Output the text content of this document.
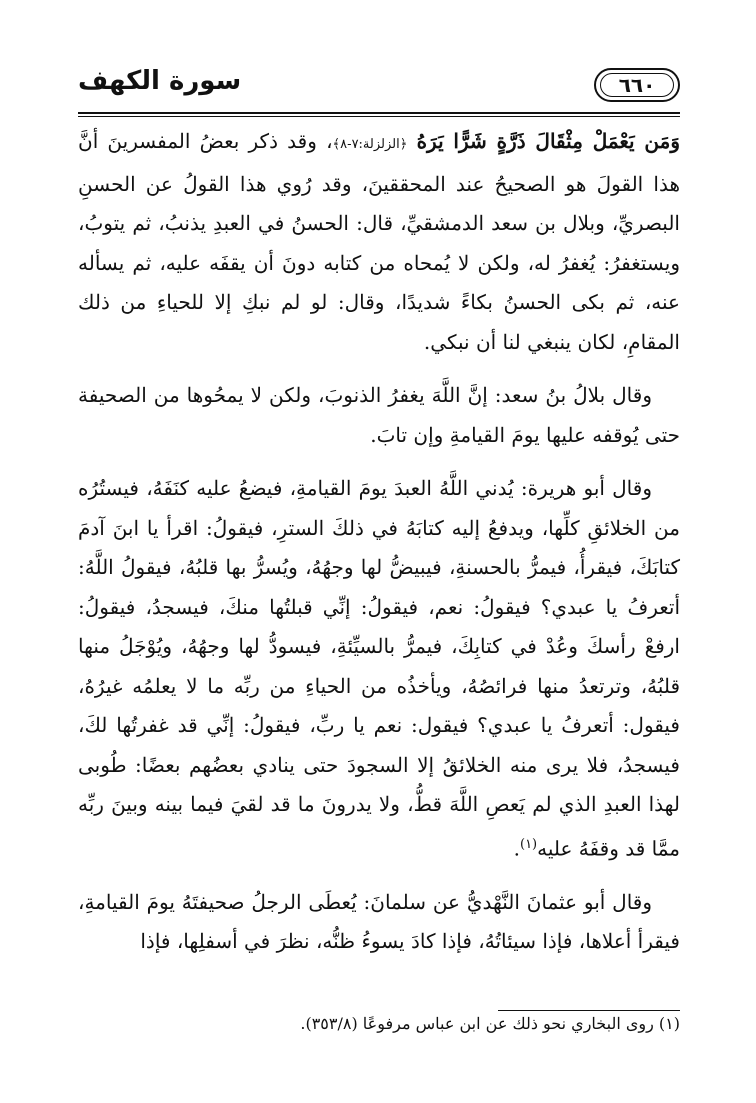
سورة الكهف	٦٦٠

وَمَن يَعْمَلْ مِثْقَالَ ذَرَّةٍ شَرًّا يَرَهُ ﴿الزلزلة:٧-٨﴾، وقد ذكر بعضُ المفسرينَ أنَّ هذا القولَ هو الصحيحُ عند المحققينَ، وقد رُوي هذا القولُ عن الحسنِ البصريِّ، وبلال بن سعد الدمشقيِّ، قال: الحسنُ في العبدِ يذنبُ، ثم يتوبُ، ويستغفرُ: يُغفرُ له، ولكن لا يُمحاه من كتابه دونَ أن يقفَه عليه، ثم يسأله عنه، ثم بكى الحسنُ بكاءً شديدًا، وقال: لو لم نبكِ إلا للحياءِ من ذلك المقامِ، لكان ينبغي لنا أن نبكي.

وقال بلالُ بنُ سعد: إنَّ اللَّهَ يغفرُ الذنوبَ، ولكن لا يمحُوها من الصحيفة حتى يُوقفه عليها يومَ القيامةِ وإن تابَ.

وقال أبو هريرة: يُدني اللَّهُ العبدَ يومَ القيامةِ، فيضعُ عليه كنَفَهُ، فيستُرُه من الخلائقِ كلِّها، ويدفعُ إليه كتابَهُ في ذلكَ السترِ، فيقولُ: اقرأ يا ابنَ آدمَ كتابَكَ، فيقرأُ، فيمرُّ بالحسنةِ، فيبيضُّ لها وجهُهُ، ويُسرُّ بها قلبُهُ، فيقولُ اللَّهُ: أتعرفُ يا عبدي؟ فيقولُ: نعم، فيقولُ: إنِّي قبلتُها منكَ، فيسجدُ، فيقولُ: ارفعْ رأسكَ وعُدْ في كتابِكَ، فيمرُّ بالسيِّئةِ، فيسودُّ لها وجهُهُ، ويُوْجَلُ منها قلبُهُ، وترتعدُ منها فرائصُهُ، ويأخذُه من الحياءِ من ربِّه ما لا يعلمُه غيرُهُ، فيقول: أتعرفُ يا عبدي؟ فيقول: نعم يا ربِّ، فيقولُ: إنِّي قد غفرتُها لكَ، فيسجدُ، فلا يرى منه الخلائقُ إلا السجودَ حتى ينادي بعضُهم بعضًا: طُوبى لهذا العبدِ الذي لم يَعصِ اللَّهَ قطُّ، ولا يدرونَ ما قد لقيَ فيما بينه وبينَ ربِّه ممَّا قد وقفَهُ عليه$^{(١)}$.

وقال أبو عثمانَ النَّهْديُّ عن سلمانَ: يُعطَى الرجلُ صحيفتَهُ يومَ القيامةِ، فيقرأ أعلاها، فإذا سيئاتُهُ، فإذا كادَ يسوءُ ظنُّه، نظرَ في أسفلِها، فإذا

(١) روى البخاري نحو ذلك عن ابن عباس مرفوعًا (٣٥٣/٨).
